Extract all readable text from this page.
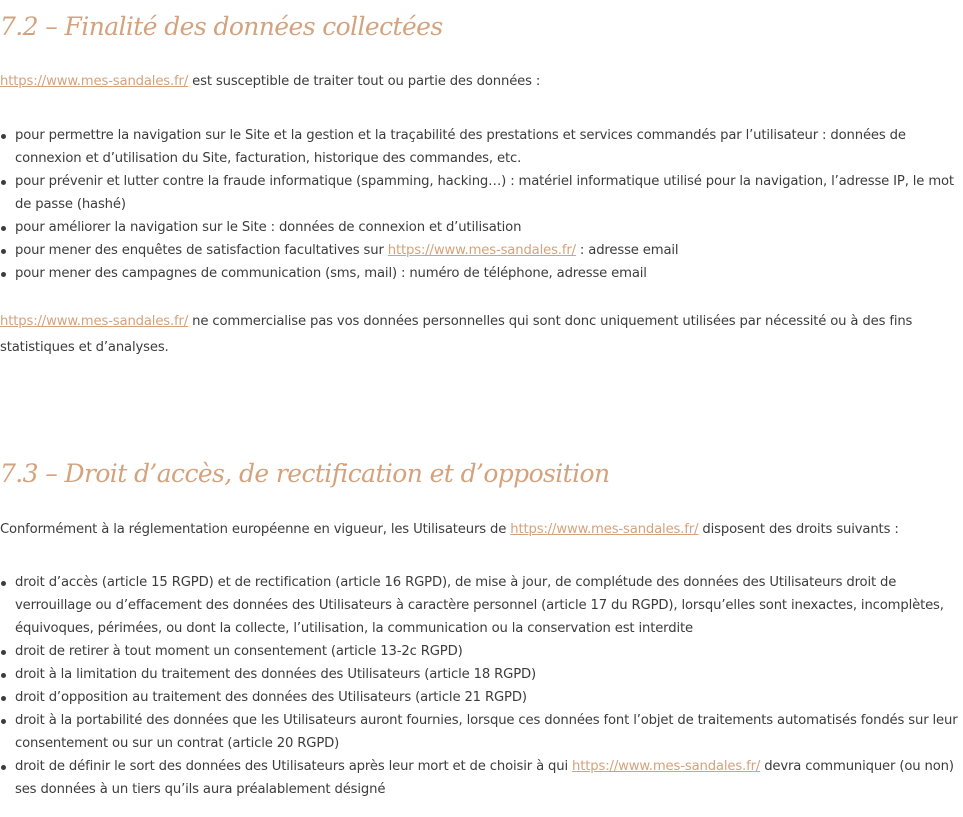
7.2 – Finalité des données collectées

https://www.mes-sandales.fr/ est susceptible de traiter tout ou partie des données :

pour permettre la navigation sur le Site et la gestion et la traçabilité des prestations et services commandés par l’utilisateur : données de connexion et d’utilisation du Site, facturation, historique des commandes, etc.
pour prévenir et lutter contre la fraude informatique (spamming, hacking…) : matériel informatique utilisé pour la navigation, l’adresse IP, le mot de passe (hashé)
pour améliorer la navigation sur le Site : données de connexion et d’utilisation
pour mener des enquêtes de satisfaction facultatives sur https://www.mes-sandales.fr/ : adresse email
pour mener des campagnes de communication (sms, mail) : numéro de téléphone, adresse email

https://www.mes-sandales.fr/ ne commercialise pas vos données personnelles qui sont donc uniquement utilisées par nécessité ou à des fins statistiques et d’analyses.

7.3 – Droit d’accès, de rectification et d’opposition

Conformément à la réglementation européenne en vigueur, les Utilisateurs de https://www.mes-sandales.fr/ disposent des droits suivants :

droit d’accès (article 15 RGPD) et de rectification (article 16 RGPD), de mise à jour, de complétude des données des Utilisateurs droit de verrouillage ou d’effacement des données des Utilisateurs à caractère personnel (article 17 du RGPD), lorsqu’elles sont inexactes, incomplètes, équivoques, périmées, ou dont la collecte, l’utilisation, la communication ou la conservation est interdite
droit de retirer à tout moment un consentement (article 13-2c RGPD)
droit à la limitation du traitement des données des Utilisateurs (article 18 RGPD)
droit d’opposition au traitement des données des Utilisateurs (article 21 RGPD)
droit à la portabilité des données que les Utilisateurs auront fournies, lorsque ces données font l’objet de traitements automatisés fondés sur leur consentement ou sur un contrat (article 20 RGPD)
droit de définir le sort des données des Utilisateurs après leur mort et de choisir à qui https://www.mes-sandales.fr/ devra communiquer (ou non) ses données à un tiers qu’ils aura préalablement désigné
